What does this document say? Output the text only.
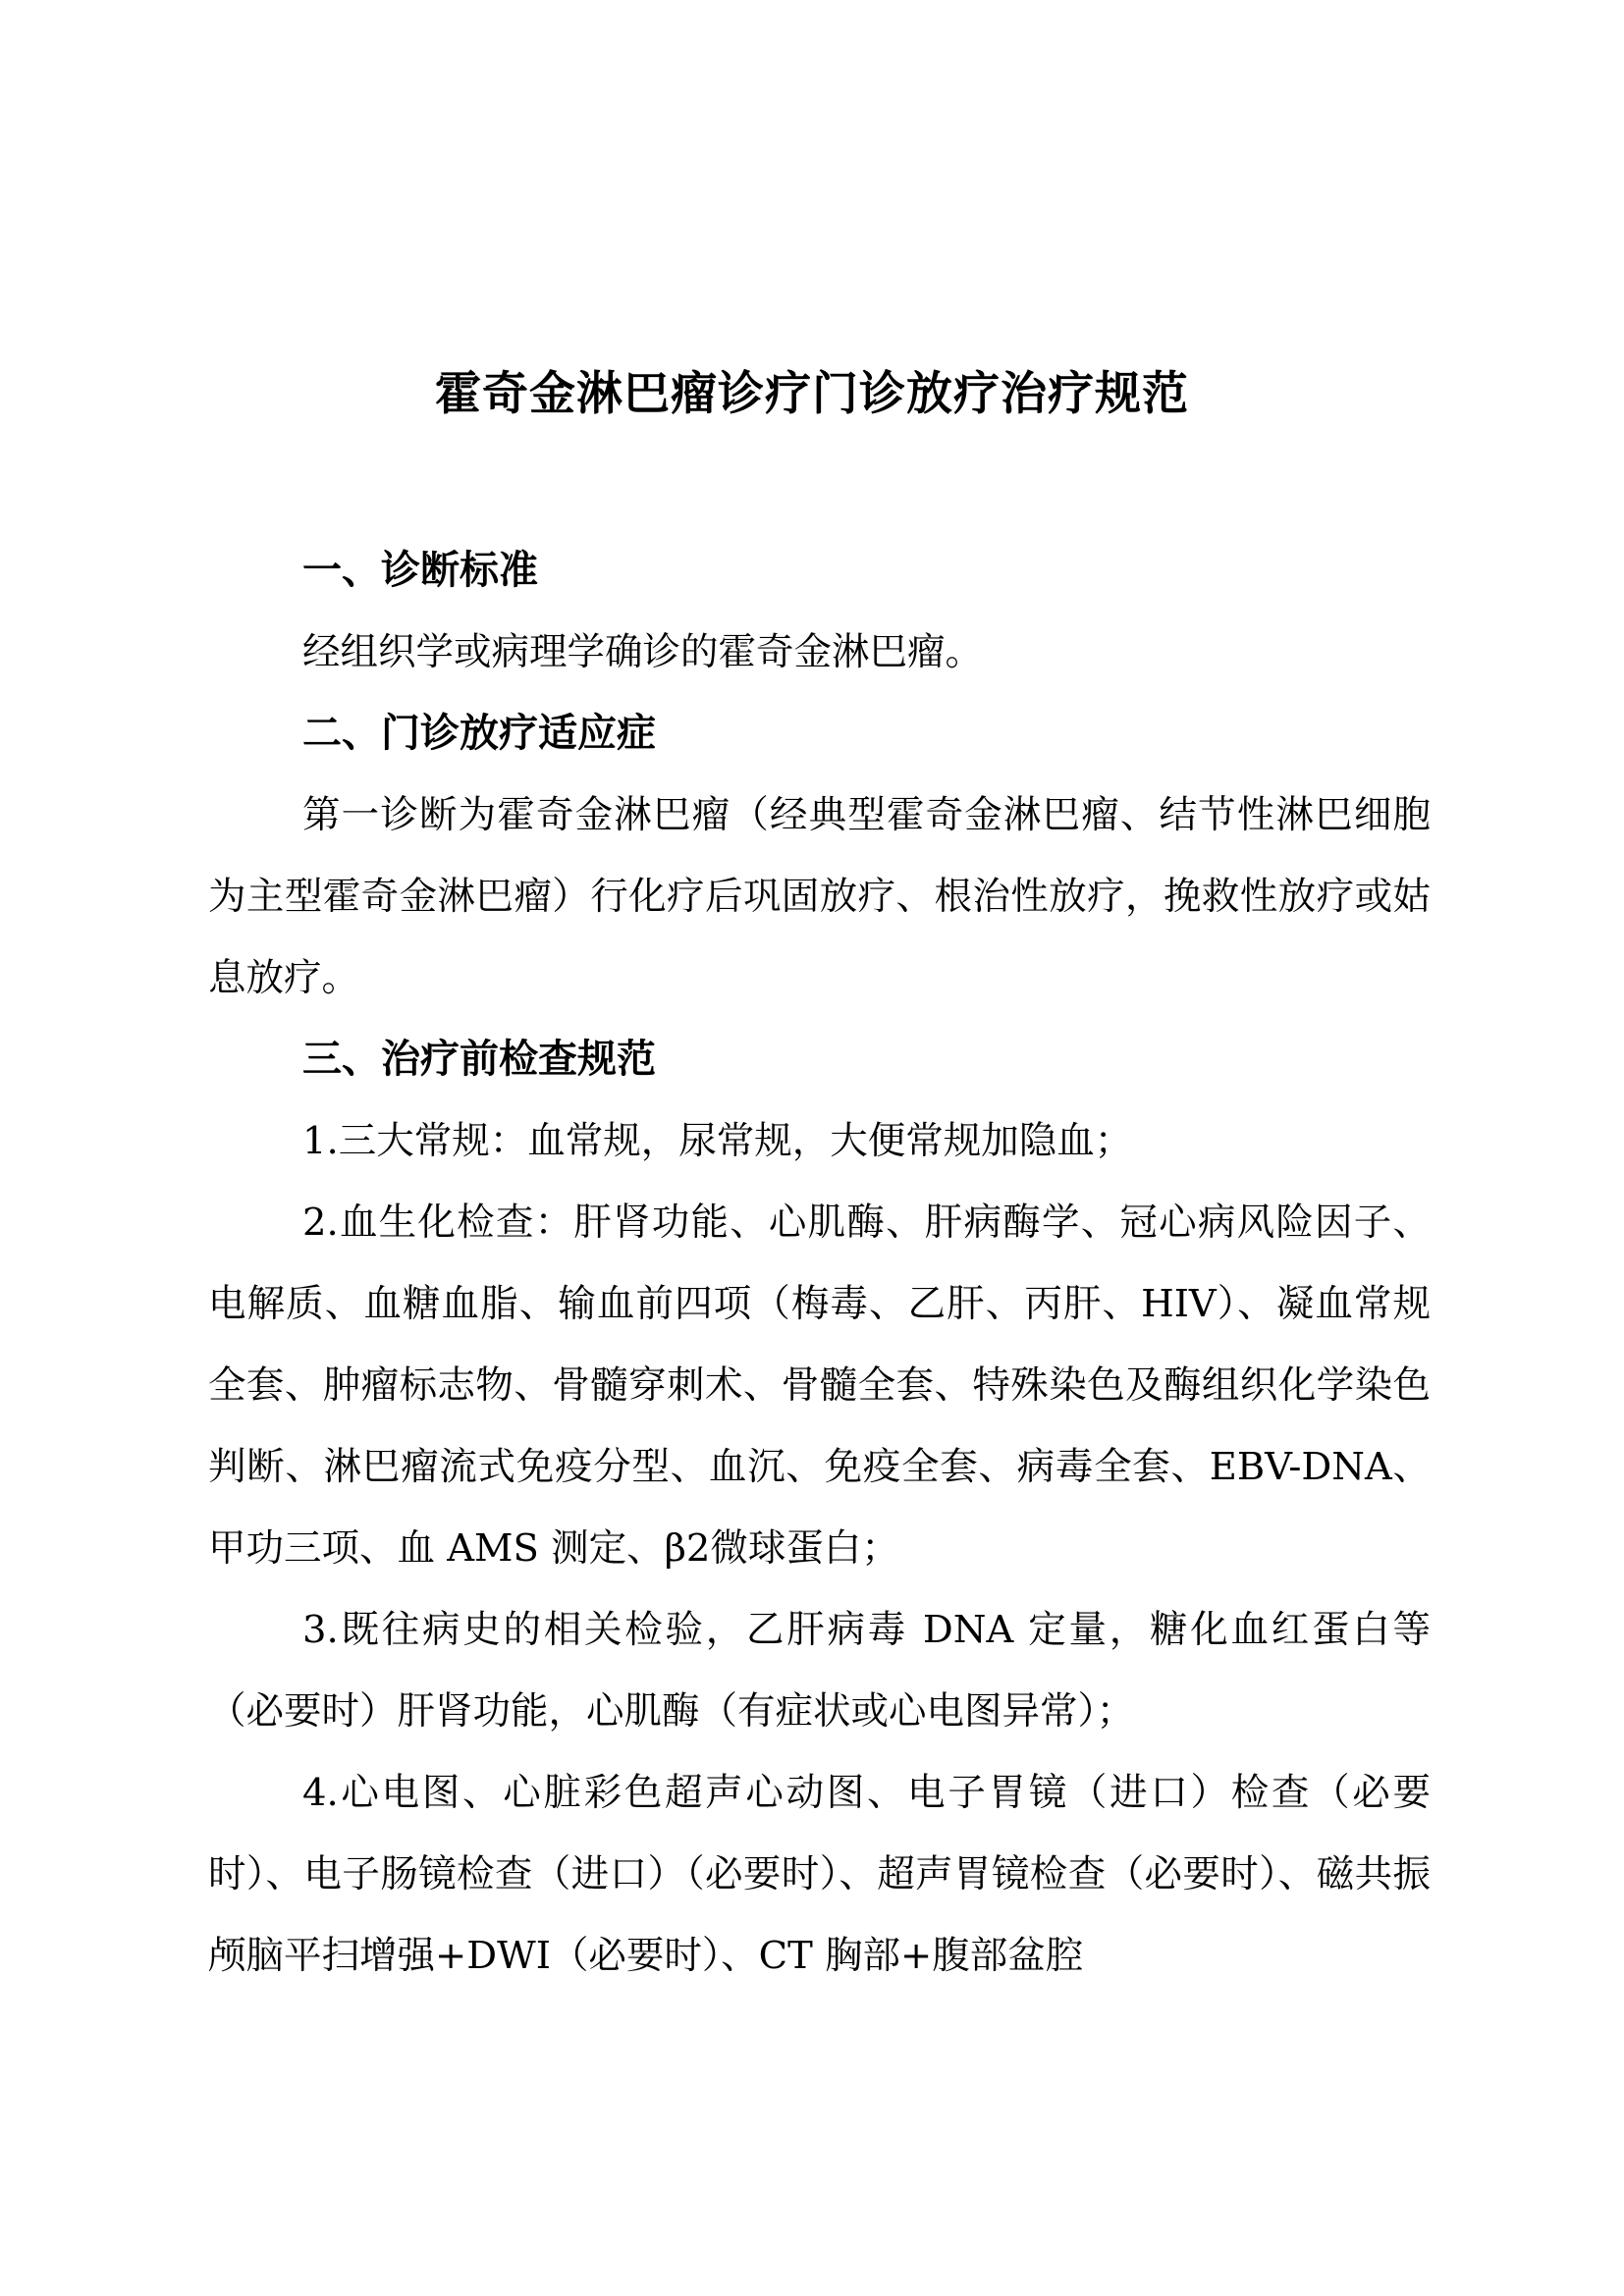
霍奇金淋巴瘤诊疗门诊放疗治疗规范
一、诊断标准

经组织学或病理学确诊的霍奇金淋巴瘤。

二、门诊放疗适应症

第一诊断为霍奇金淋巴瘤（经典型霍奇金淋巴瘤、结节性淋巴细胞为主型霍奇金淋巴瘤）行化疗后巩固放疗、根治性放疗，挽救性放疗或姑息放疗。

三、治疗前检查规范

1.三大常规：血常规，尿常规，大便常规加隐血；

2.血生化检查：肝肾功能、心肌酶、肝病酶学、冠心病风险因子、电解质、血糖血脂、输血前四项（梅毒、乙肝、丙肝、HIV）、凝血常规全套、肿瘤标志物、骨髓穿刺术、骨髓全套、特殊染色及酶组织化学染色判断、淋巴瘤流式免疫分型、血沉、免疫全套、病毒全套、EBV-DNA、甲功三项、血 AMS 测定、β2微球蛋白；

3.既往病史的相关检验，乙肝病毒 DNA 定量，糖化血红蛋白等（必要时）肝肾功能，心肌酶（有症状或心电图异常）；

4.心电图、心脏彩色超声心动图、电子胃镜（进口）检查（必要时）、电子肠镜检查（进口）（必要时）、超声胃镜检查（必要时）、磁共振颅脑平扫增强+DWI（必要时）、CT 胸部+腹部盆腔
